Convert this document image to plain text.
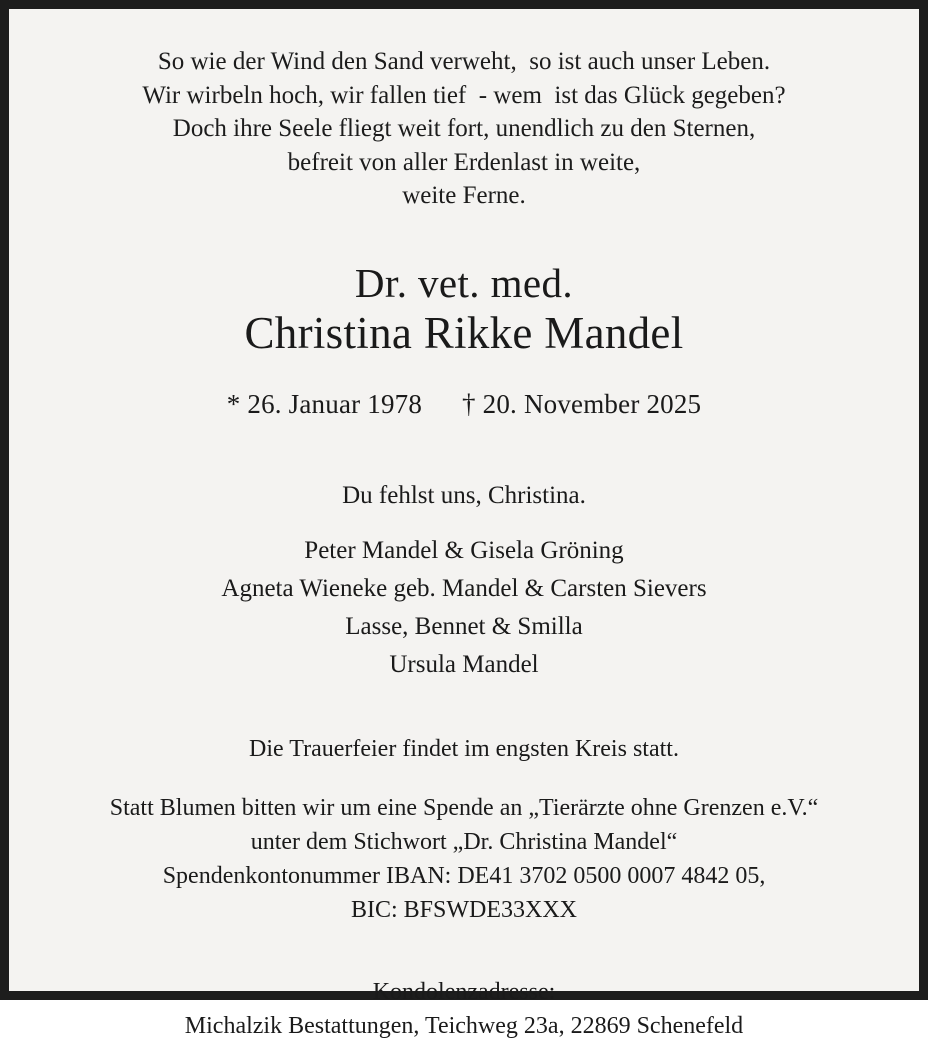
So wie der Wind den Sand verweht,  so ist auch unser Leben.
Wir wirbeln hoch, wir fallen tief  - wem  ist das Glück gegeben?
Doch ihre Seele fliegt weit fort, unendlich zu den Sternen,
befreit von aller Erdenlast in weite,
weite Ferne.
Dr. vet. med.
Christina Rikke Mandel
* 26. Januar 1978 † 20. November 2025
Du fehlst uns, Christina.
Peter Mandel & Gisela Gröning
Agneta Wieneke geb. Mandel & Carsten Sievers
Lasse, Bennet & Smilla
Ursula Mandel
Die Trauerfeier findet im engsten Kreis statt.
Statt Blumen bitten wir um eine Spende an „Tierärzte ohne Grenzen e.V.“
unter dem Stichwort „Dr. Christina Mandel“
Spendenkontonummer IBAN: DE41 3702 0500 0007 4842 05,
BIC: BFSWDE33XXX
Kondolenzadresse:
Michalzik Bestattungen, Teichweg 23a, 22869 Schenefeld
